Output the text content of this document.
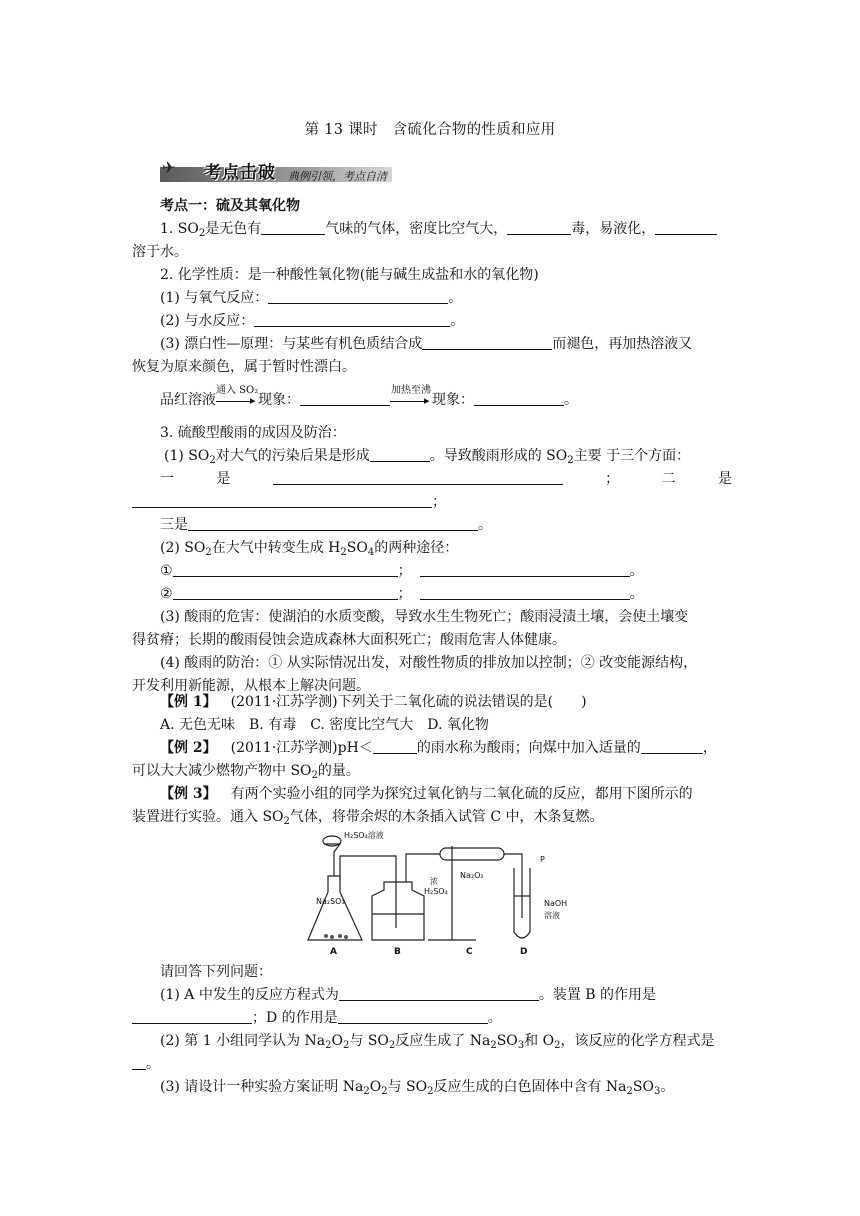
第 13 课时　含硫化合物的性质和应用
✈ 考点击破 典例引领，考点自清
考点一：硫及其氧化物
1. $SO_2$是无色有	气味的气体，密度比空气大，	毒，易液化，
溶于水。
2. 化学性质：是一种酸性氧化物(能与碱生成盐和水的氧化物)
(1) 与氧气反应：	。
(2) 与水反应：	。
(3) 漂白性—原理：与某些有机色质结合成	而褪色，再加热溶液又
恢复为原来颜色，属于暂时性漂白。
品红溶液
通入 SO₂
▸ 现象：
加热至沸
▸ 现象：	。
3. 硫酸型酸雨的成因及防治：
(1) $SO_2$对大气的污染后果是形成	。导致酸雨形成的 $SO_2$主要 于三个方面：
一	是	；	二	是
；
三是	。
(2) $SO_2$在大气中转变生成 $H_2SO_4$的两种途径：
①	；	。
②	；	。
(3) 酸雨的危害：使湖泊的水质变酸，导致水生生物死亡；酸雨浸渍土壤，会使土壤变
得贫瘠；长期的酸雨侵蚀会造成森林大面积死亡；酸雨危害人体健康。
(4) 酸雨的防治：① 从实际情况出发，对酸性物质的排放加以控制；② 改变能源结构，
开发利用新能源，从根本上解决问题。
【例 1】 (2011·江苏学测)下列关于二氧化硫的说法错误的是(　　)
A. 无色无味　B. 有毒　C. 密度比空气大　D. 氧化物
【例 2】 (2011·江苏学测)pH＜	的雨水称为酸雨；向煤中加入适量的	，
可以大大减少燃物产物中 $SO_2$的量。
【例 3】 有两个实验小组的同学为探究过氧化钠与二氧化硫的反应，都用下图所示的
装置进行实验。通入 $SO_2$气体，将带余烬的木条插入试管 C 中，木条复燃。
H₂SO₄溶液
Na₂SO₃
浓
H₂SO₄
Na₂O₂
P
NaOH
溶液
A	B	C	D
请回答下列问题：
(1) A 中发生的反应方程式为	。装置 B 的作用是
；D 的作用是	。
(2) 第 1 小组同学认为 $Na_2O_2$与 $SO_2$反应生成了 $Na_2SO_3$和 $O_2$，该反应的化学方程式是
。
(3) 请设计一种实验方案证明 $Na_2O_2$与 $SO_2$反应生成的白色固体中含有 $Na_2SO_3$。
